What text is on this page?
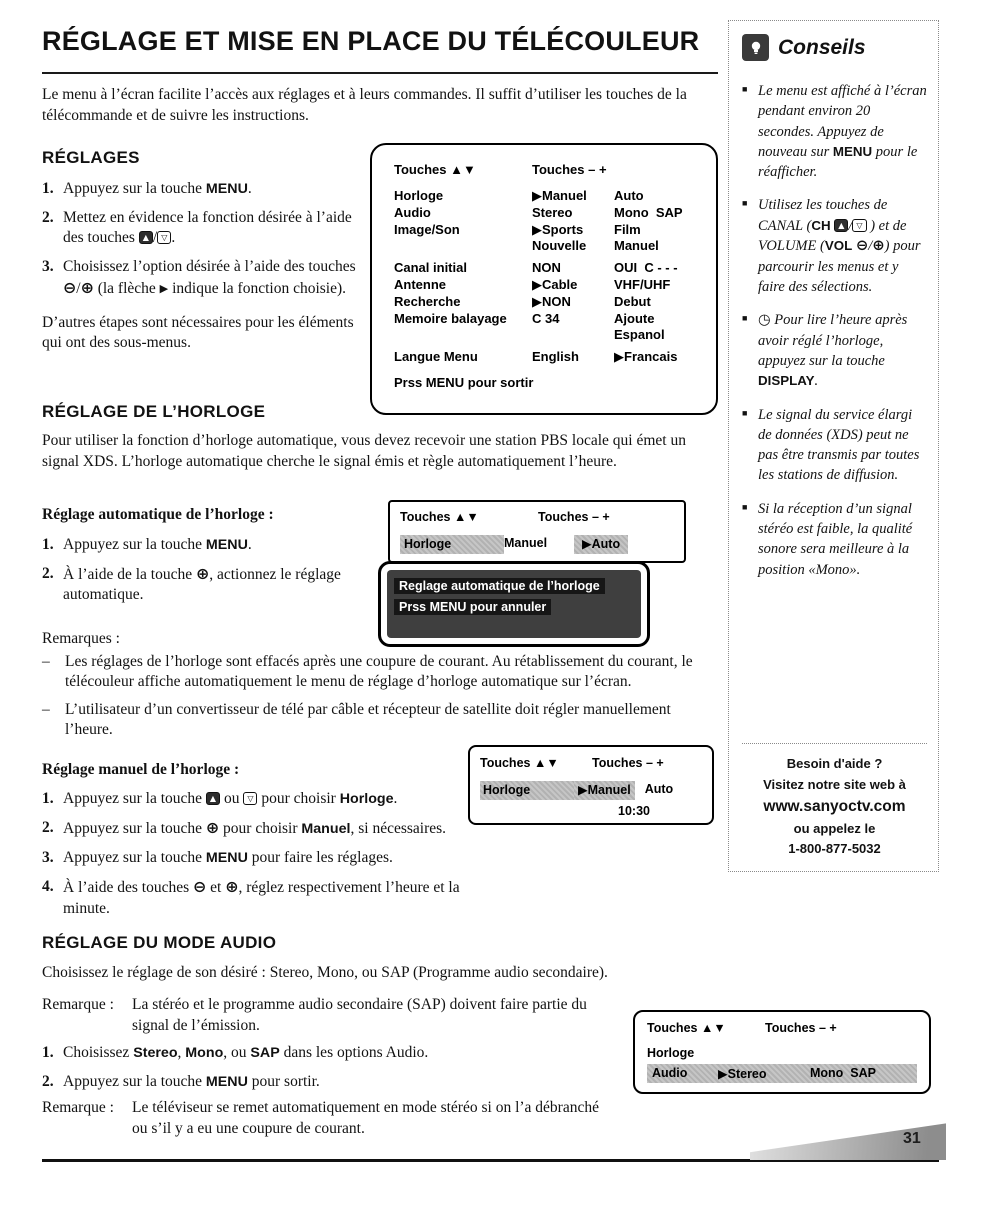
RÉGLAGE ET MISE EN PLACE DU TÉLÉCOULEUR

Le menu à l’écran facilite l’accès aux réglages et à leurs commandes. Il suffit d’utiliser les touches de la télécommande et de suivre les instructions.

RÉGLAGES
1. Appuyez sur la touche MENU.
2. Mettez en évidence la fonction désirée à l’aide des touches ▲ / ▽ .
3. Choisissez l’option désirée à l’aide des touches ⊖/⊕ (la flèche ▶ indique la fonction choisie).

D’autres étapes sont nécessaires pour les éléments qui ont des sous-menus.

Touches ▲▼	Touches – +
Horloge	▶Manuel	Auto
Audio	Stereo	Mono  SAP
Image/Son	▶Sports	Film
Nouvelle	Manuel
Canal initial	NON	OUI  C - - -
Antenne	▶Cable	VHF/UHF
Recherche	▶NON	Debut
Memoire balayage	C 34	Ajoute
Espanol
Langue Menu	English	▶Francais
Prss MENU pour sortir
RÉGLAGE DE L’HORLOGE

Pour utiliser la fonction d’horloge automatique, vous devez recevoir une station PBS locale qui émet un signal XDS. L’horloge automatique cherche le signal émis et règle automatiquement l’heure.

Réglage automatique de l’horloge :

1. Appuyez sur la touche MENU.
2. À l’aide de la touche ⊕, actionnez le réglage automatique.
Touches ▲▼	Touches – +
Horloge	Manuel	▶Auto
Reglage automatique de l’horloge
Prss MENU pour annuler

Remarques :

– Les réglages de l’horloge sont effacés après une coupure de courant. Au rétablissement du courant, le télécouleur affiche automatiquement le menu de réglage d’horloge automatique sur l’écran.
– L’utilisateur d’un convertisseur de télé par câble et récepteur de satellite doit régler manuellement l’heure.

Réglage manuel de l’horloge :

1. Appuyez sur la touche ▲ ou ▽ pour choisir Horloge.
2. Appuyez sur la touche ⊕ pour choisir Manuel, si nécessaires.
3. Appuyez sur la touche MENU pour faire les réglages.
4. À l’aide des touches ⊖ et ⊕, réglez respectivement l’heure et la minute.
Touches ▲▼	Touches – +
Horloge	▶Manuel	Auto
10:30
RÉGLAGE DU MODE AUDIO

Choisissez le réglage de son désiré : Stereo, Mono, ou SAP (Programme audio secondaire).

Remarque : La stéréo et le programme audio secondaire (SAP) doivent faire partie du signal de l’émission.
1. Choisissez Stereo, Mono, ou SAP dans les options Audio.
2. Appuyez sur la touche MENU pour sortir.
Remarque : Le téléviseur se remet automatiquement en mode stéréo si on l’a débranché ou s’il y a eu une coupure de courant.
Touches ▲▼	Touches – +
Horloge
Audio	▶Stereo	Mono  SAP
Conseils
■ Le menu est affiché à l’écran pendant environ 20 secondes. Appuyez de nouveau sur MENU pour le réafficher.
■ Utilisez les touches de CANAL (CH ▲ / ▽ ) et de VOLUME (VOL ⊖/⊕) pour parcourir les menus et y faire des sélections.
■ ◷ Pour lire l’heure après avoir réglé l’horloge, appuyez sur la touche DISPLAY.
■ Le signal du service élargi de données (XDS) peut ne pas être transmis par toutes les stations de diffusion.
■ Si la réception d’un signal stéréo est faible, la qualité sonore sera meilleure à la position «Mono».
Besoin d'aide ?
Visitez notre site web à
www.sanyoctv.com
ou appelez le
1-800-877-5032
31
